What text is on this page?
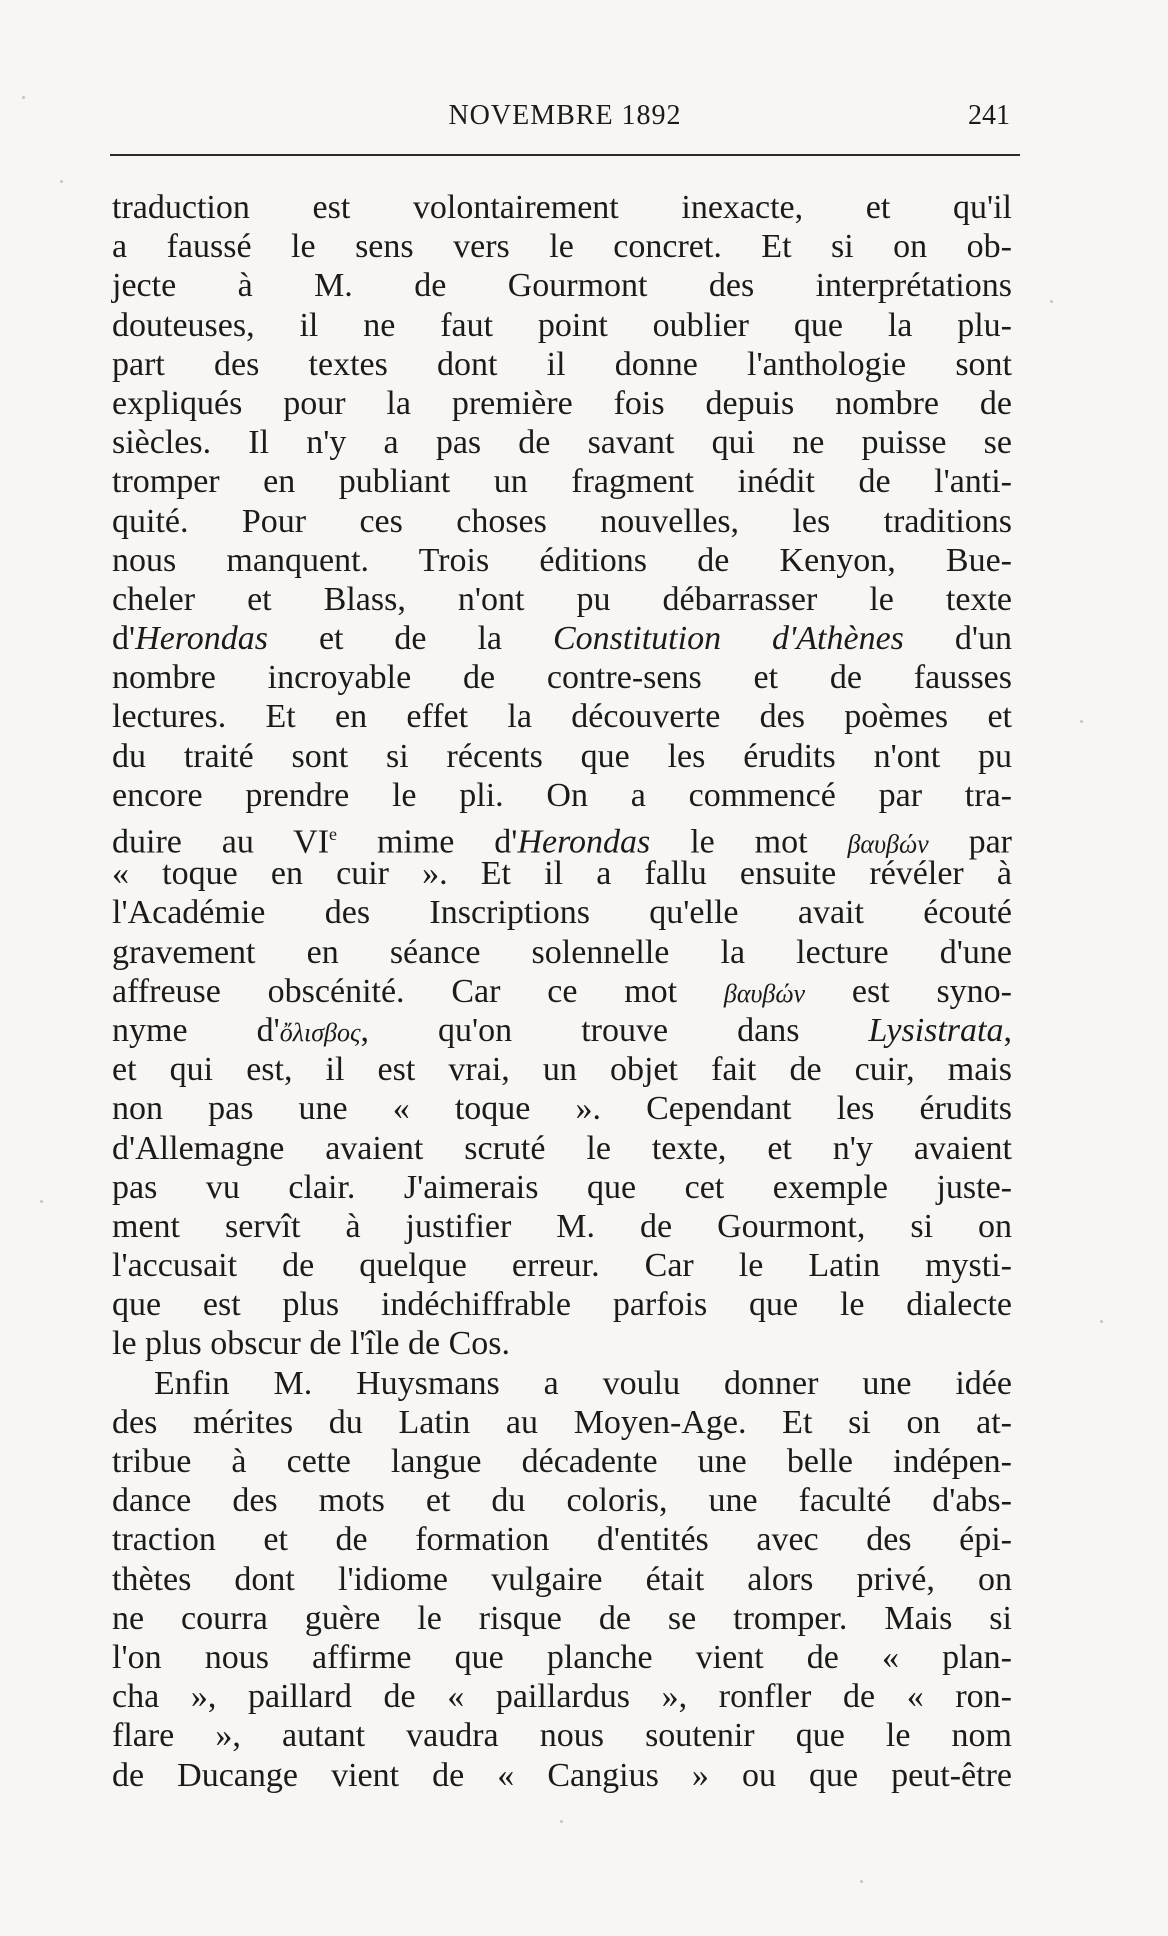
NOVEMBRE 1892	241
traduction est volontairement inexacte, et qu'il
a faussé le sens vers le concret. Et si on ob-
jecte à M. de Gourmont des interprétations
douteuses, il ne faut point oublier que la plu-
part des textes dont il donne l'anthologie sont
expliqués pour la première fois depuis nombre de
siècles. Il n'y a pas de savant qui ne puisse se
tromper en publiant un fragment inédit de l'anti-
quité. Pour ces choses nouvelles, les traditions
nous manquent. Trois éditions de Kenyon, Bue-
cheler et Blass, n'ont pu débarrasser le texte
d'Herondas et de la Constitution d'Athènes d'un
nombre incroyable de contre-sens et de fausses
lectures. Et en effet la découverte des poèmes et
du traité sont si récents que les érudits n'ont pu
encore prendre le pli. On a commencé par tra-
duire au VIe mime d'Herondas le mot βαυβών par
« toque en cuir ». Et il a fallu ensuite révéler à
l'Académie des Inscriptions qu'elle avait écouté
gravement en séance solennelle la lecture d'une
affreuse obscénité. Car ce mot βαυβών est syno-
nyme d'ὄλισβος, qu'on trouve dans Lysistrata,
et qui est, il est vrai, un objet fait de cuir, mais
non pas une « toque ». Cependant les érudits
d'Allemagne avaient scruté le texte, et n'y avaient
pas vu clair. J'aimerais que cet exemple juste-
ment servît à justifier M. de Gourmont, si on
l'accusait de quelque erreur. Car le Latin mysti-
que est plus indéchiffrable parfois que le dialecte
le plus obscur de l'île de Cos.
Enfin M. Huysmans a voulu donner une idée
des mérites du Latin au Moyen-Age. Et si on at-
tribue à cette langue décadente une belle indépen-
dance des mots et du coloris, une faculté d'abs-
traction et de formation d'entités avec des épi-
thètes dont l'idiome vulgaire était alors privé, on
ne courra guère le risque de se tromper. Mais si
l'on nous affirme que planche vient de « plan-
cha », paillard de « paillardus », ronfler de « ron-
flare », autant vaudra nous soutenir que le nom
de Ducange vient de « Cangius » ou que peut-être
